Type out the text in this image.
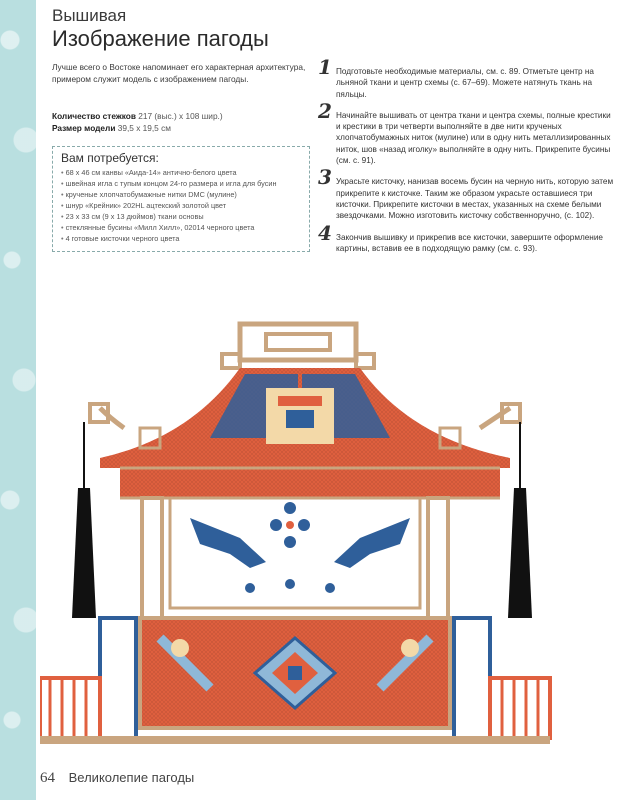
Вышивая
Изображение пагоды
Лучше всего о Востоке напоминает его характерная архитектура, примером служит модель с изображением пагоды.
Количество стежков 217 (выс.) x 108 шир.)
Размер модели 39,5 x 19,5 см
Вам потребуется:
• 68 x 46 см канвы «Аида-14» антично-белого цвета
• швейная игла с тупым концом 24-го размера и игла для бусин
• крученые хлопчатобумажные нитки DMC (мулине)
• шнур «Крейник» 202HL ацтекский золотой цвет
• 23 x 33 см (9 x 13 дюймов) ткани основы
• стеклянные бусины «Милл Хилл», 02014 черного цвета
• 4 готовые кисточки черного цвета
1 Подготовьте необходимые материалы, см. с. 89. Отметьте центр на льняной ткани и центр схемы (с. 67–69). Можете натянуть ткань на пяльцы.
2 Начинайте вышивать от центра ткани и центра схемы, полные крестики и крестики в три четверти выполняйте в две нити крученых хлопчатобумажных ниток (мулине) или в одну нить металлизированных ниток, шов «назад иголку» выполняйте в одну нить. Прикрепите бусины (см. с. 91).
3 Украсьте кисточку, нанизав восемь бусин на черную нить, которую затем прикрепите к кисточке. Таким же образом украсьте оставшиеся три кисточки. Прикрепите кисточки в местах, указанных на схеме белыми звездочками. Можно изготовить кисточку собственноручно, (с. 102).
4 Закончив вышивку и прикрепив все кисточки, завершите оформление картины, вставив ее в подходящую рамку (см. с. 93).
64 Великолепие пагоды
